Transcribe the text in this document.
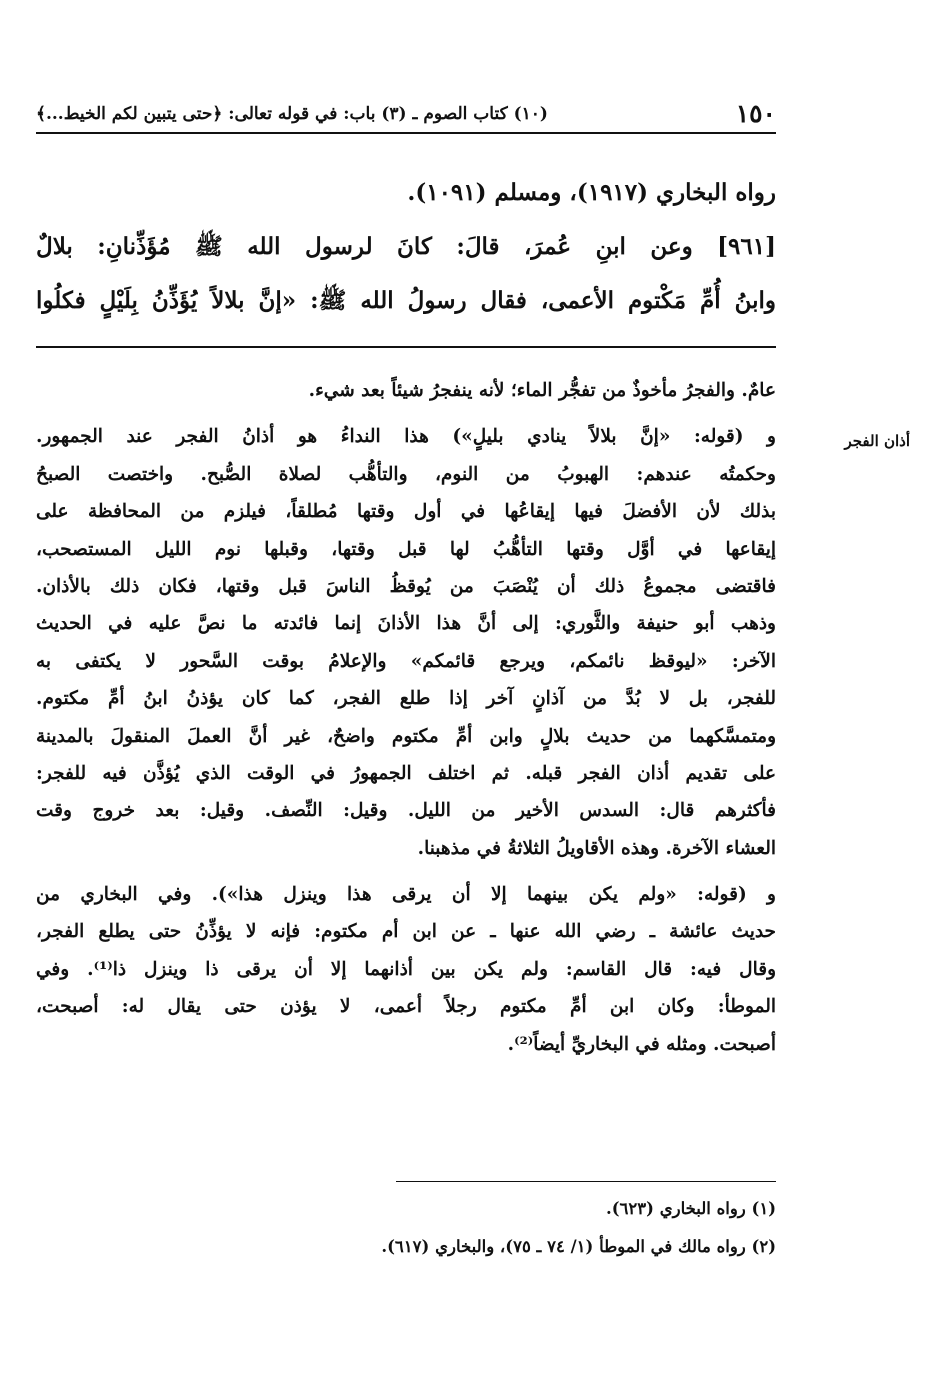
١٥٠
(١٠) كتاب الصوم ـ (٣) باب: في قوله تعالى: ﴿حتى يتبين لكم الخيط...﴾
رواه البخاري (١٩١٧)، ومسلم (١٠٩١).
[٩٦١] وعن ابنِ عُمرَ، قالَ: كانَ لرسول الله ﷺ مُؤَذِّنانِ: بلالٌ
وابنُ أُمِّ مَكْتوم الأعمى، فقال رسولُ الله ﷺ: «إنَّ بلالاً يُؤَذِّنُ بِلَيْلٍ فكلُوا
أذان الفجر
عامٌ. والفجرُ مأخوذٌ من تفجُّر الماء؛ لأنه ينفجرُ شيئاً بعد شيء.
و (قوله: «إنَّ بلالاً ينادي بليلٍ») هذا النداءُ هو أذانُ الفجر عند الجمهور.
وحكمتُه عندهم: الهبوبُ من النوم، والتأهُّب لصلاة الصُّبح. واختصت الصبحُ
بذلك لأن الأفضلَ فيها إيقاعُها في أول وقتها مُطلقاً، فيلزم من المحافظة على
إيقاعها في أوَّل وقتها التأهُّبُ لها قبل وقتها، وقبلها نوم الليل المستصحب،
فاقتضى مجموعُ ذلك أن يُنْصَبَ من يُوقظُ الناسَ قبل وقتها، فكان ذلك بالأذان.
وذهب أبو حنيفة والثَّوري: إلى أنَّ هذا الأذانَ إنما فائدته ما نصَّ عليه في الحديث
الآخر: «ليوقظ نائمكم، ويرجع قائمكم» والإعلامُ بوقت السَّحور لا يكتفى به
للفجر، بل لا بُدَّ من آذانٍ آخر إذا طلع الفجر، كما كان يؤذنُ ابنُ أمِّ مكتوم.
ومتمسَّكهما من حديث بلالٍ وابن أمِّ مكتوم واضحٌ، غير أنَّ العملَ المنقولَ بالمدينة
على تقديم أذان الفجر قبله. ثم اختلف الجمهورُ في الوقت الذي يُؤذَّن فيه للفجر:
فأكثرهم قال: السدس الأخير من الليل. وقيل: النِّصف. وقيل: بعد خروج وقت
العشاء الآخرة. وهذه الأقاويلُ الثلاثةُ في مذهبنا.
و (قوله: «ولم يكن بينهما إلا أن يرقى هذا وينزل هذا»). وفي البخاري من
حديث عائشة ـ رضي الله عنها ـ عن ابن أم مكتوم: فإنه لا يؤذِّنُ حتى يطلع الفجر،
وقال فيه: قال القاسم: ولم يكن بين أذانهما إلا أن يرقى ذا وينزل ذا⁽¹⁾. وفي
الموطأ: وكان ابن أمِّ مكتوم رجلاً أعمى، لا يؤذن حتى يقال له: أصبحت،
أصبحت. ومثله في البخاريِّ أيضاً⁽²⁾.
(١) رواه البخاري (٦٢٣).
(٢) رواه مالك في الموطأ (١/ ٧٤ ـ ٧٥)، والبخاري (٦١٧).
